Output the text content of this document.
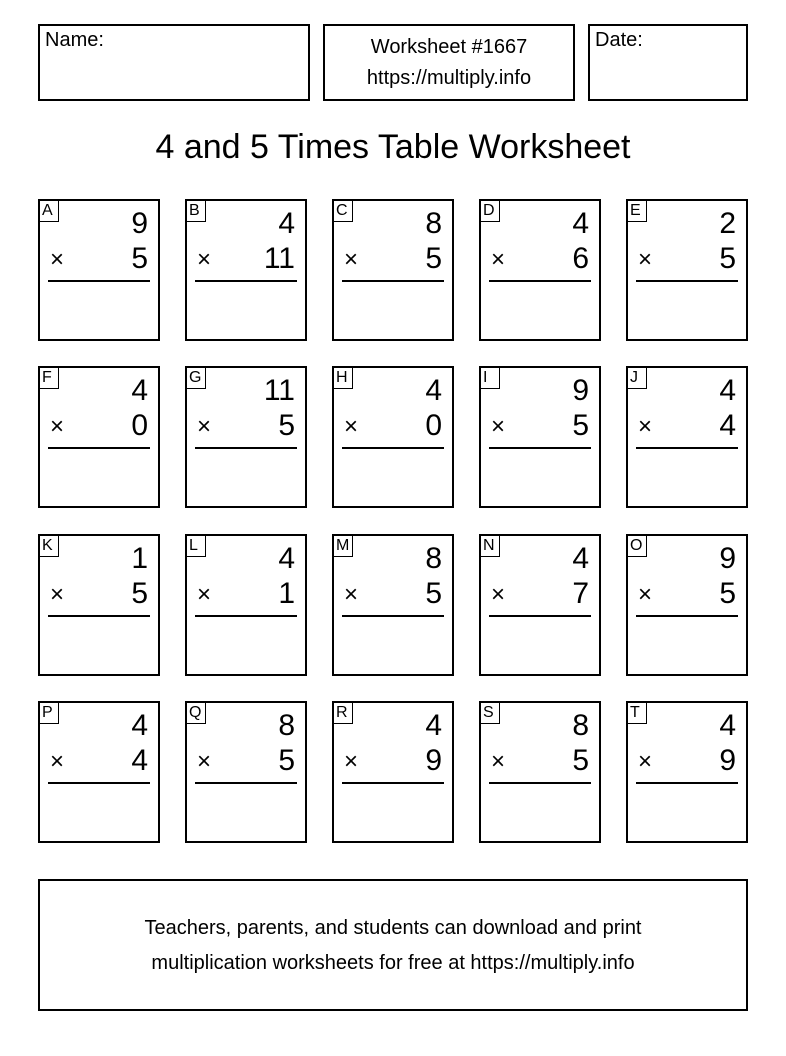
Name:	Worksheet #1667
https://multiply.info
Date:
4 and 5 Times Table Worksheet
A	9
× 5
B	4
× 11
C	8
× 5
D	4
× 6
E	2
× 5
F	4
× 0
G 11
× 5
H	4
× 0
I	9
× 5
J	4
× 4
K	1
× 5
L	4
× 1
M	8
× 5
N	4
× 7
O	9
× 5
P	4
× 4
Q	8
× 5
R	4
× 9
S	8
× 5
T	4
× 9
Teachers, parents, and students can download and print
multiplication worksheets for free at https://multiply.info
